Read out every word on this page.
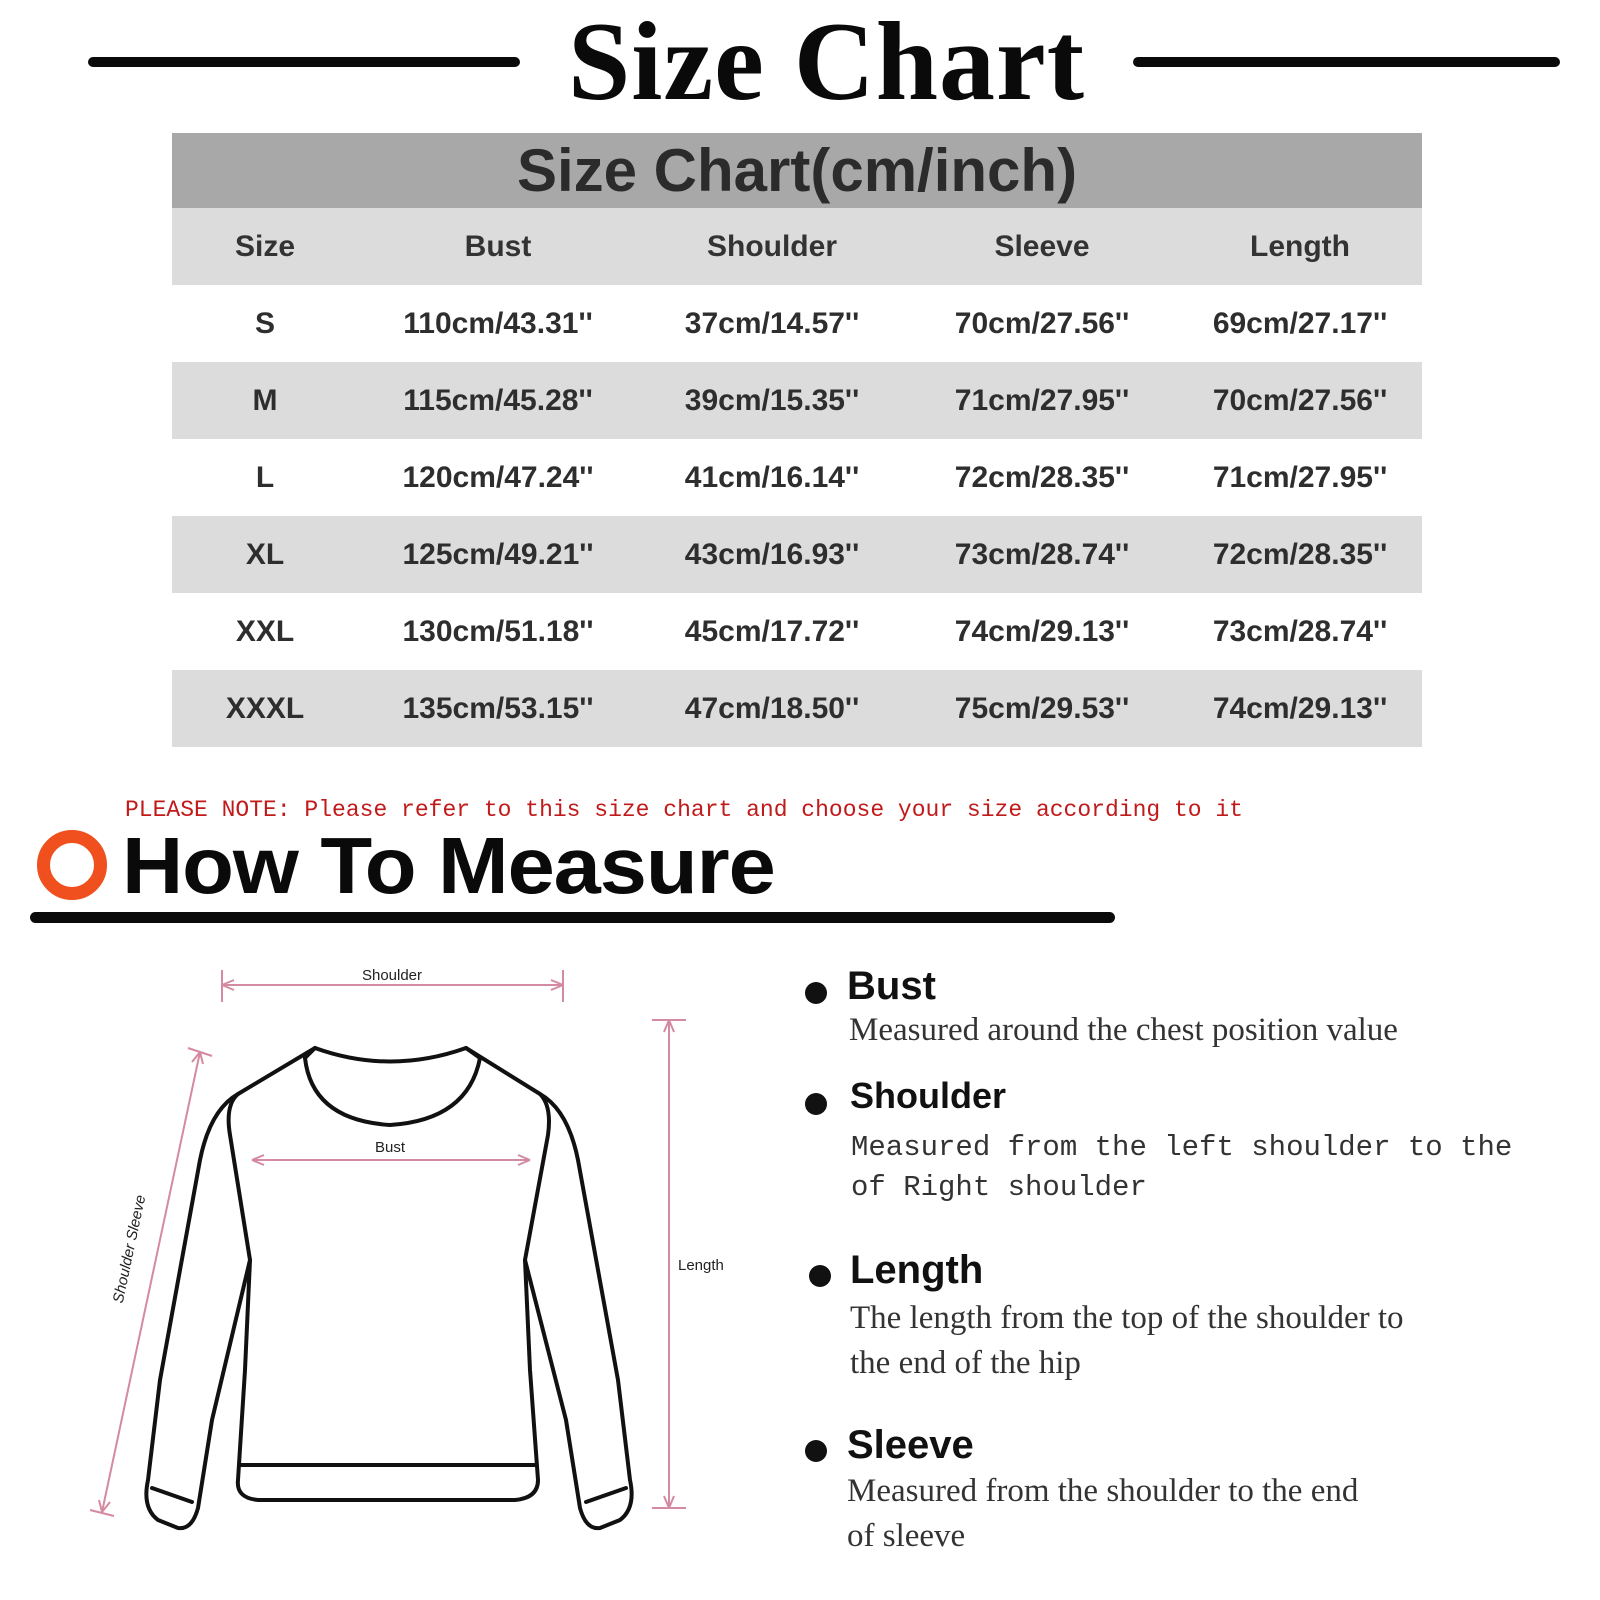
Size Chart
Size Chart(cm/inch)				
Size	Bust	Shoulder	Sleeve	Length
S	110cm/43.31''	37cm/14.57''	70cm/27.56''	69cm/27.17''
M	115cm/45.28''	39cm/15.35''	71cm/27.95''	70cm/27.56''
L	120cm/47.24''	41cm/16.14''	72cm/28.35''	71cm/27.95''
XL	125cm/49.21''	43cm/16.93''	73cm/28.74''	72cm/28.35''
XXL	130cm/51.18''	45cm/17.72''	74cm/29.13''	73cm/28.74''
XXXL	135cm/53.15''	47cm/18.50''	75cm/29.53''	74cm/29.13''
PLEASE NOTE: Please refer to this size chart and choose your size according to it
How To Measure
Shoulder
Bust
Length
Shoulder Sleeve
Bust
Measured around the chest position value
Shoulder
Measured from the left shoulder to the
of Right shoulder
Length
The length from the top of the shoulder to
the end of the hip
Sleeve
Measured from the shoulder to the end
of sleeve
